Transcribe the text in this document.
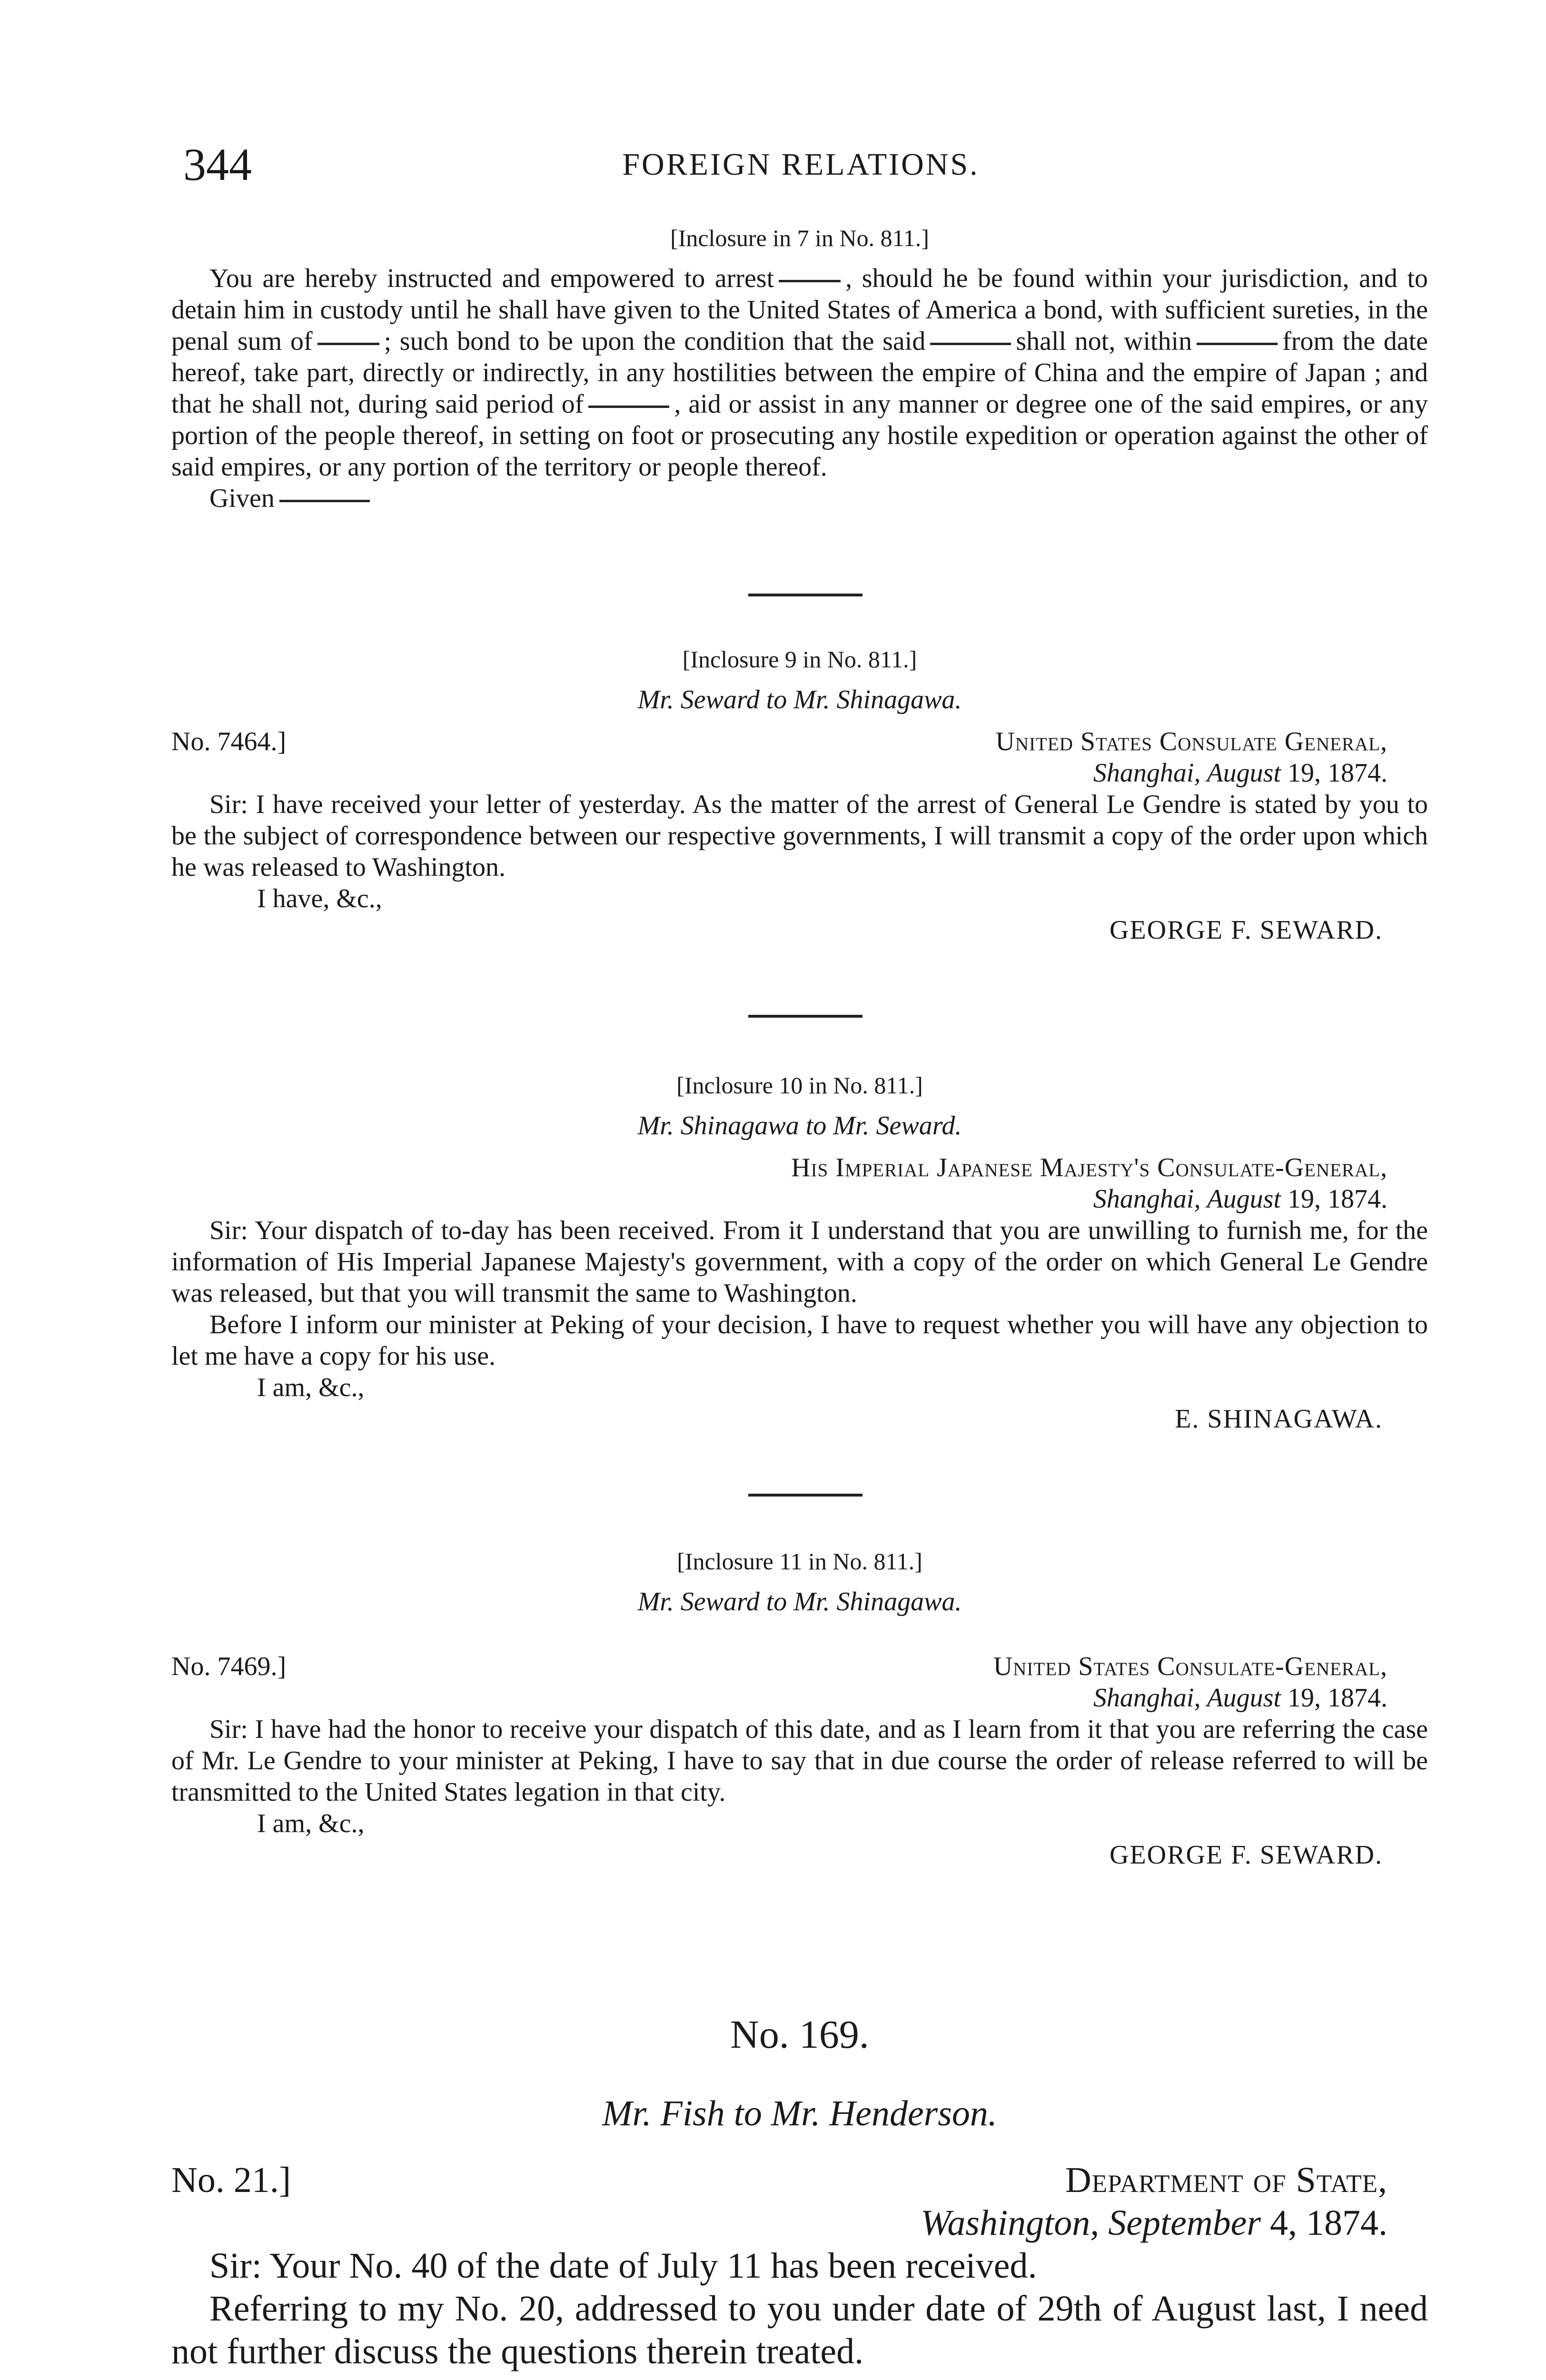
344	FOREIGN RELATIONS.
[Inclosure in 7 in No. 811.]

You are hereby instructed and empowered to arrest	, should he be found within your jurisdiction, and to detain him in custody until he shall have given to the United States of America a bond, with sufficient sureties, in the penal sum of	; such bond to be upon the condition that the said	shall not, within	from the date hereof, take part, directly or indirectly, in any hostilities between the empire of China and the empire of Japan ; and that he shall not, during said period of	, aid or assist in any manner or degree one of the said empires, or any portion of the people thereof, in setting on foot or prosecuting any hostile expedition or operation against the other of said empires, or any portion of the territory or people thereof.

Given

[Inclosure 9 in No. 811.]
Mr. Seward to Mr. Shinagawa.
No. 7464.]	United States Consulate General,
Shanghai, August 19, 1874.

Sir: I have received your letter of yesterday. As the matter of the arrest of General Le Gendre is stated by you to be the subject of correspondence between our respective governments, I will transmit a copy of the order upon which he was released to Washington.

I have, &c.,
GEORGE F. SEWARD.
[Inclosure 10 in No. 811.]
Mr. Shinagawa to Mr. Seward.
His Imperial Japanese Majesty's Consulate-General,
Shanghai, August 19, 1874.

Sir: Your dispatch of to-day has been received. From it I understand that you are unwilling to furnish me, for the information of His Imperial Japanese Majesty's government, with a copy of the order on which General Le Gendre was released, but that you will transmit the same to Washington.

Before I inform our minister at Peking of your decision, I have to request whether you will have any objection to let me have a copy for his use.

I am, &c.,
E. SHINAGAWA.
[Inclosure 11 in No. 811.]
Mr. Seward to Mr. Shinagawa.
No. 7469.]	United States Consulate-General,
Shanghai, August 19, 1874.

Sir: I have had the honor to receive your dispatch of this date, and as I learn from it that you are referring the case of Mr. Le Gendre to your minister at Peking, I have to say that in due course the order of release referred to will be transmitted to the United States legation in that city.

I am, &c.,
GEORGE F. SEWARD.
No. 169.
Mr. Fish to Mr. Henderson.
No. 21.]	Department of State,
Washington, September 4, 1874.

Sir: Your No. 40 of the date of July 11 has been received.

Referring to my No. 20, addressed to you under date of 29th of August last, I need not further discuss the questions therein treated.
